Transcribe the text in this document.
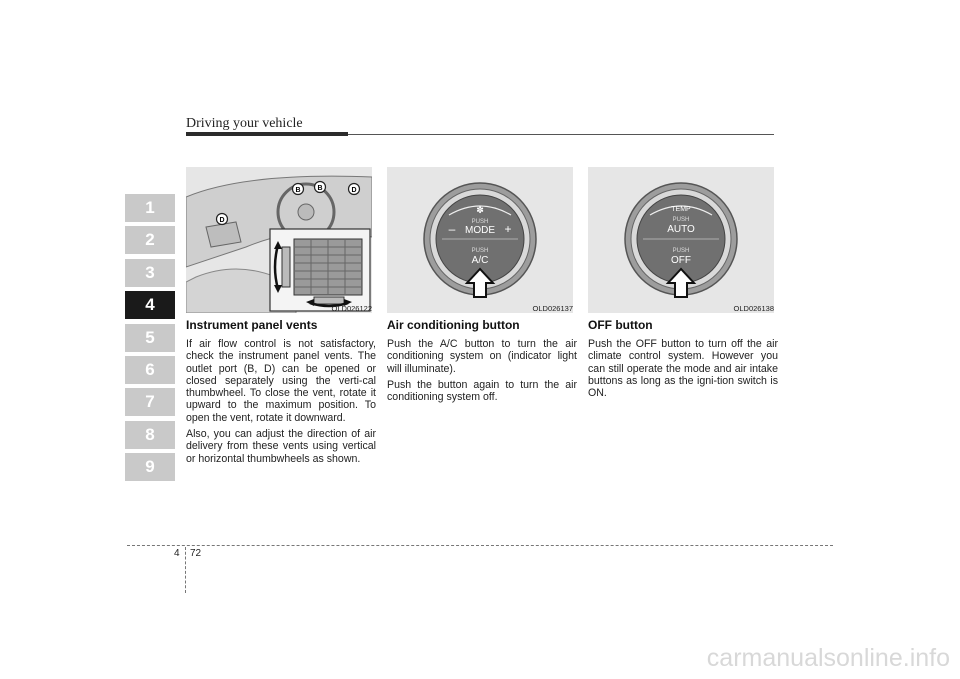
Driving your vehicle
1
2
3
4
5
6
7
8
9
B B	D
D
OLD026122
✽
PUSH
MODE
–	+
PUSH
A/C
OLD026137
TEMP
PUSH
AUTO
PUSH
OFF
OLD026138
Instrument panel vents

If air flow control is not satisfactory, check the instrument panel vents. The outlet port (B, D) can be opened or closed separately using the verti-cal thumbwheel. To close the vent, rotate it upward to the maximum position. To open the vent, rotate it downward.

Also, you can adjust the direction of air delivery from these vents using vertical or horizontal thumbwheels as shown.

Air conditioning button

Push the A/C button to turn the air conditioning system on (indicator light will illuminate).

Push the button again to turn the air conditioning system off.

OFF button

Push the OFF button to turn off the air climate control system. However you can still operate the mode and air intake buttons as long as the igni-tion switch is ON.

4 72
carmanualsonline.info
